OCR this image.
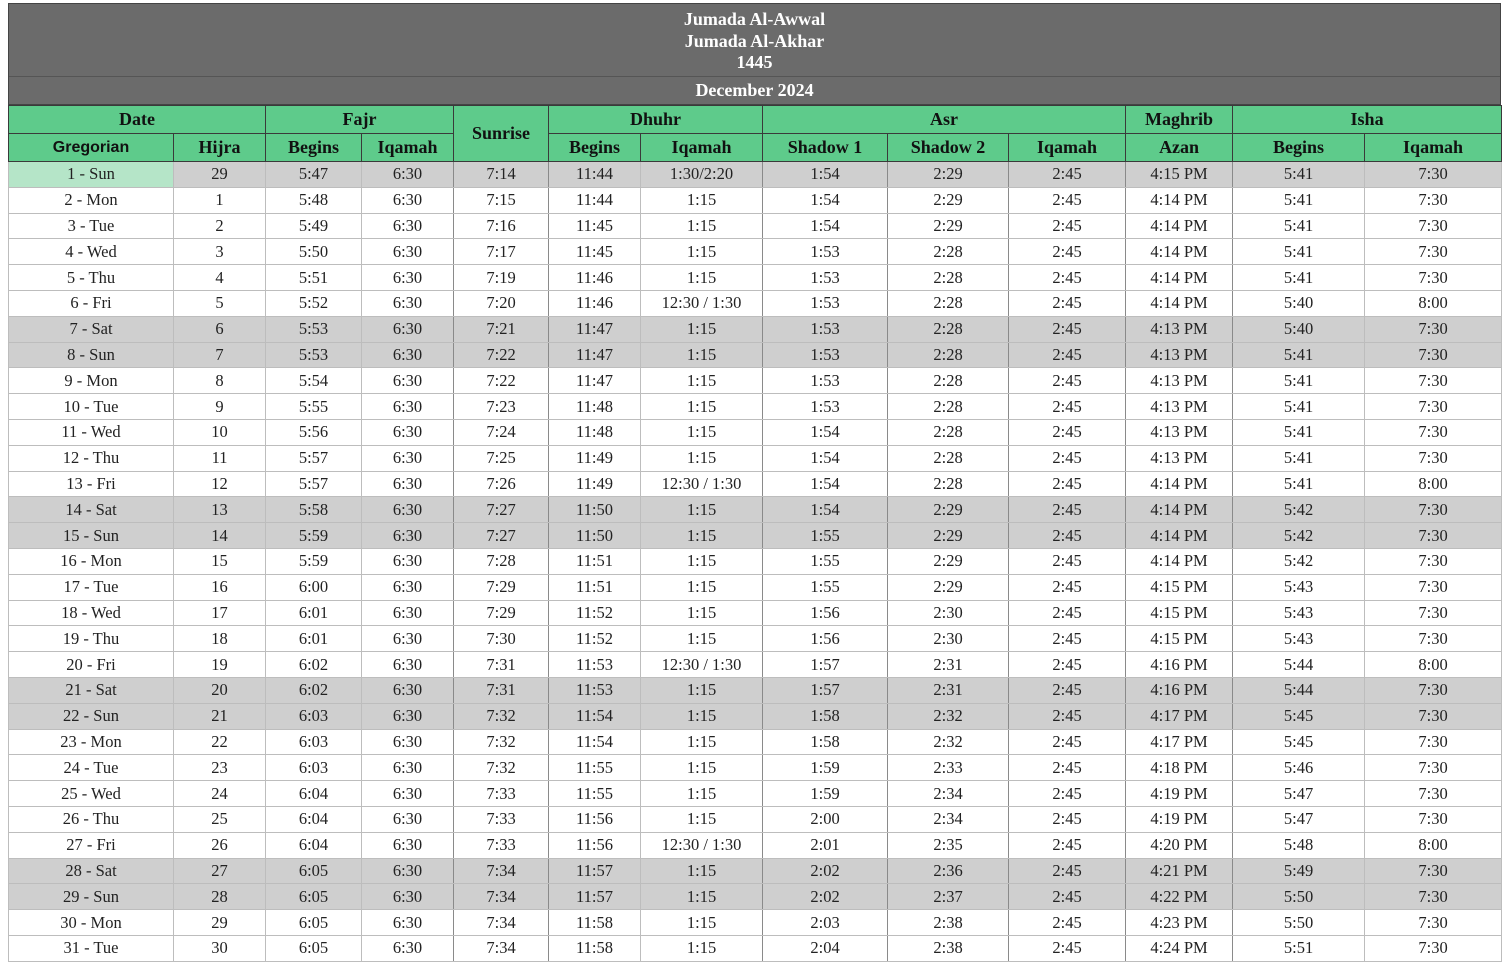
Jumada Al-Awwal
Jumada Al-Akhar
1445
December 2024
Date		Fajr		Sunrise	Dhuhr		Asr			Maghrib	Isha	
Gregorian	Hijra	Begins	Iqamah		Begins	Iqamah	Shadow 1	Shadow 2	Iqamah	Azan	Begins	Iqamah
1 - Sun	29	5:47	6:30	7:14	11:44	1:30/2:20	1:54	2:29	2:45	4:15 PM	5:41	7:30
2 - Mon	1	5:48	6:30	7:15	11:44	1:15	1:54	2:29	2:45	4:14 PM	5:41	7:30
3 - Tue	2	5:49	6:30	7:16	11:45	1:15	1:54	2:29	2:45	4:14 PM	5:41	7:30
4 - Wed	3	5:50	6:30	7:17	11:45	1:15	1:53	2:28	2:45	4:14 PM	5:41	7:30
5 - Thu	4	5:51	6:30	7:19	11:46	1:15	1:53	2:28	2:45	4:14 PM	5:41	7:30
6 - Fri	5	5:52	6:30	7:20	11:46	12:30 / 1:30	1:53	2:28	2:45	4:14 PM	5:40	8:00
7 - Sat	6	5:53	6:30	7:21	11:47	1:15	1:53	2:28	2:45	4:13 PM	5:40	7:30
8 - Sun	7	5:53	6:30	7:22	11:47	1:15	1:53	2:28	2:45	4:13 PM	5:41	7:30
9 - Mon	8	5:54	6:30	7:22	11:47	1:15	1:53	2:28	2:45	4:13 PM	5:41	7:30
10 - Tue	9	5:55	6:30	7:23	11:48	1:15	1:53	2:28	2:45	4:13 PM	5:41	7:30
11 - Wed	10	5:56	6:30	7:24	11:48	1:15	1:54	2:28	2:45	4:13 PM	5:41	7:30
12 - Thu	11	5:57	6:30	7:25	11:49	1:15	1:54	2:28	2:45	4:13 PM	5:41	7:30
13 - Fri	12	5:57	6:30	7:26	11:49	12:30 / 1:30	1:54	2:28	2:45	4:14 PM	5:41	8:00
14 - Sat	13	5:58	6:30	7:27	11:50	1:15	1:54	2:29	2:45	4:14 PM	5:42	7:30
15 - Sun	14	5:59	6:30	7:27	11:50	1:15	1:55	2:29	2:45	4:14 PM	5:42	7:30
16 - Mon	15	5:59	6:30	7:28	11:51	1:15	1:55	2:29	2:45	4:14 PM	5:42	7:30
17 - Tue	16	6:00	6:30	7:29	11:51	1:15	1:55	2:29	2:45	4:15 PM	5:43	7:30
18 - Wed	17	6:01	6:30	7:29	11:52	1:15	1:56	2:30	2:45	4:15 PM	5:43	7:30
19 - Thu	18	6:01	6:30	7:30	11:52	1:15	1:56	2:30	2:45	4:15 PM	5:43	7:30
20 - Fri	19	6:02	6:30	7:31	11:53	12:30 / 1:30	1:57	2:31	2:45	4:16 PM	5:44	8:00
21 - Sat	20	6:02	6:30	7:31	11:53	1:15	1:57	2:31	2:45	4:16 PM	5:44	7:30
22 - Sun	21	6:03	6:30	7:32	11:54	1:15	1:58	2:32	2:45	4:17 PM	5:45	7:30
23 - Mon	22	6:03	6:30	7:32	11:54	1:15	1:58	2:32	2:45	4:17 PM	5:45	7:30
24 - Tue	23	6:03	6:30	7:32	11:55	1:15	1:59	2:33	2:45	4:18 PM	5:46	7:30
25 - Wed	24	6:04	6:30	7:33	11:55	1:15	1:59	2:34	2:45	4:19 PM	5:47	7:30
26 - Thu	25	6:04	6:30	7:33	11:56	1:15	2:00	2:34	2:45	4:19 PM	5:47	7:30
27 - Fri	26	6:04	6:30	7:33	11:56	12:30 / 1:30	2:01	2:35	2:45	4:20 PM	5:48	8:00
28 - Sat	27	6:05	6:30	7:34	11:57	1:15	2:02	2:36	2:45	4:21 PM	5:49	7:30
29 - Sun	28	6:05	6:30	7:34	11:57	1:15	2:02	2:37	2:45	4:22 PM	5:50	7:30
30 - Mon	29	6:05	6:30	7:34	11:58	1:15	2:03	2:38	2:45	4:23 PM	5:50	7:30
31 - Tue	30	6:05	6:30	7:34	11:58	1:15	2:04	2:38	2:45	4:24 PM	5:51	7:30
